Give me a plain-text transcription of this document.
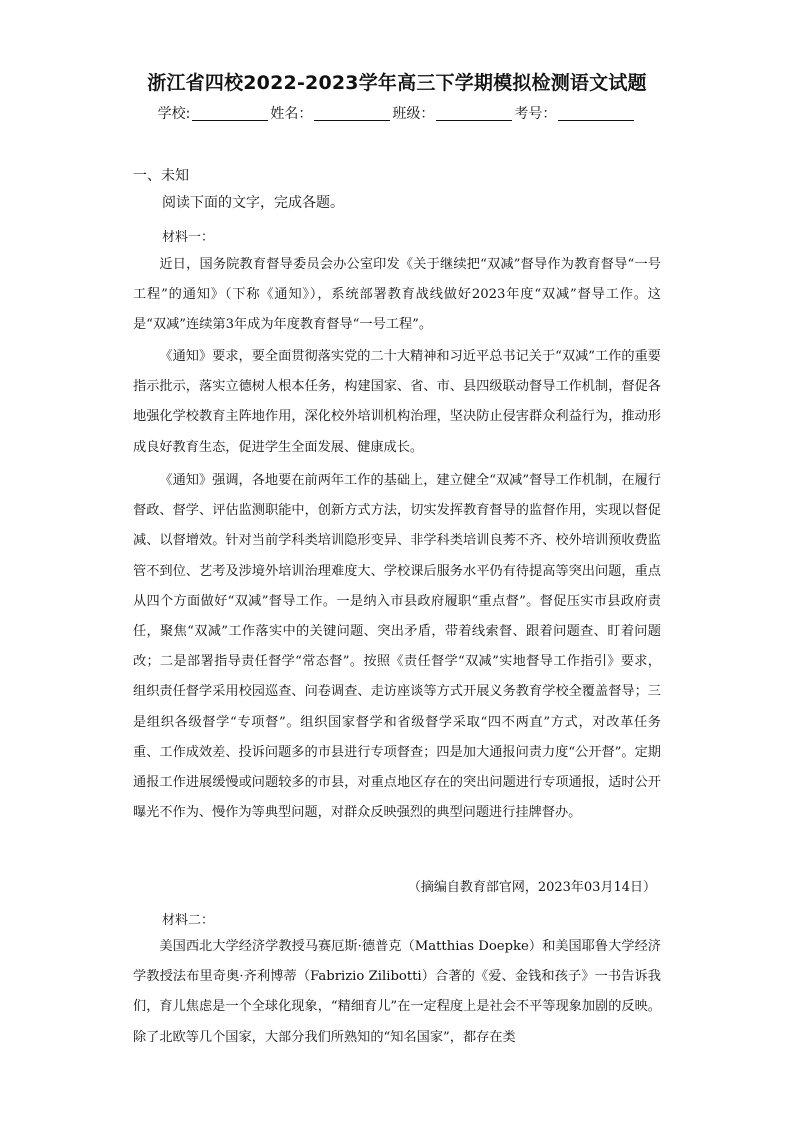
浙江省四校2022-2023学年高三下学期模拟检测语文试题
学校:	姓名：	班级：	考号：
一、未知
阅读下面的文字，完成各题。
材料一：

近日，国务院教育督导委员会办公室印发《关于继续把“双减”督导作为教育督导“一号工程”的通知》（下称《通知》），系统部署教育战线做好2023年度“双减”督导工作。这是“双减”连续第3年成为年度教育督导“一号工程”。

《通知》要求，要全面贯彻落实党的二十大精神和习近平总书记关于“双减”工作的重要指示批示，落实立德树人根本任务，构建国家、省、市、县四级联动督导工作机制，督促各地强化学校教育主阵地作用，深化校外培训机构治理，坚决防止侵害群众利益行为，推动形成良好教育生态，促进学生全面发展、健康成长。

《通知》强调，各地要在前两年工作的基础上，建立健全“双减”督导工作机制，在履行督政、督学、评估监测职能中，创新方式方法，切实发挥教育督导的监督作用，实现以督促减、以督增效。针对当前学科类培训隐形变异、非学科类培训良莠不齐、校外培训预收费监管不到位、艺考及涉境外培训治理难度大、学校课后服务水平仍有待提高等突出问题，重点从四个方面做好“双减”督导工作。一是纳入市县政府履职“重点督”。督促压实市县政府责任，聚焦“双减”工作落实中的关键问题、突出矛盾，带着线索督、跟着问题查、盯着问题改；二是部署指导责任督学“常态督”。按照《责任督学“双减”实地督导工作指引》要求，组织责任督学采用校园巡查、问卷调查、走访座谈等方式开展义务教育学校全覆盖督导；三是组织各级督学“专项督”。组织国家督学和省级督学采取“四不两直”方式，对改革任务重、工作成效差、投诉问题多的市县进行专项督查；四是加大通报问责力度“公开督”。定期通报工作进展缓慢或问题较多的市县，对重点地区存在的突出问题进行专项通报，适时公开曝光不作为、慢作为等典型问题，对群众反映强烈的典型问题进行挂牌督办。

（摘编自教育部官网，2023年03月14日）
材料二：

美国西北大学经济学教授马赛厄斯·德普克（Matthias Doepke）和美国耶鲁大学经济学教授法布里奇奥·齐利博蒂（Fabrizio Zilibotti）合著的《爱、金钱和孩子》一书告诉我们，育儿焦虑是一个全球化现象，“精细育儿”在一定程度上是社会不平等现象加剧的反映。除了北欧等几个国家，大部分我们所熟知的“知名国家”，都存在类
